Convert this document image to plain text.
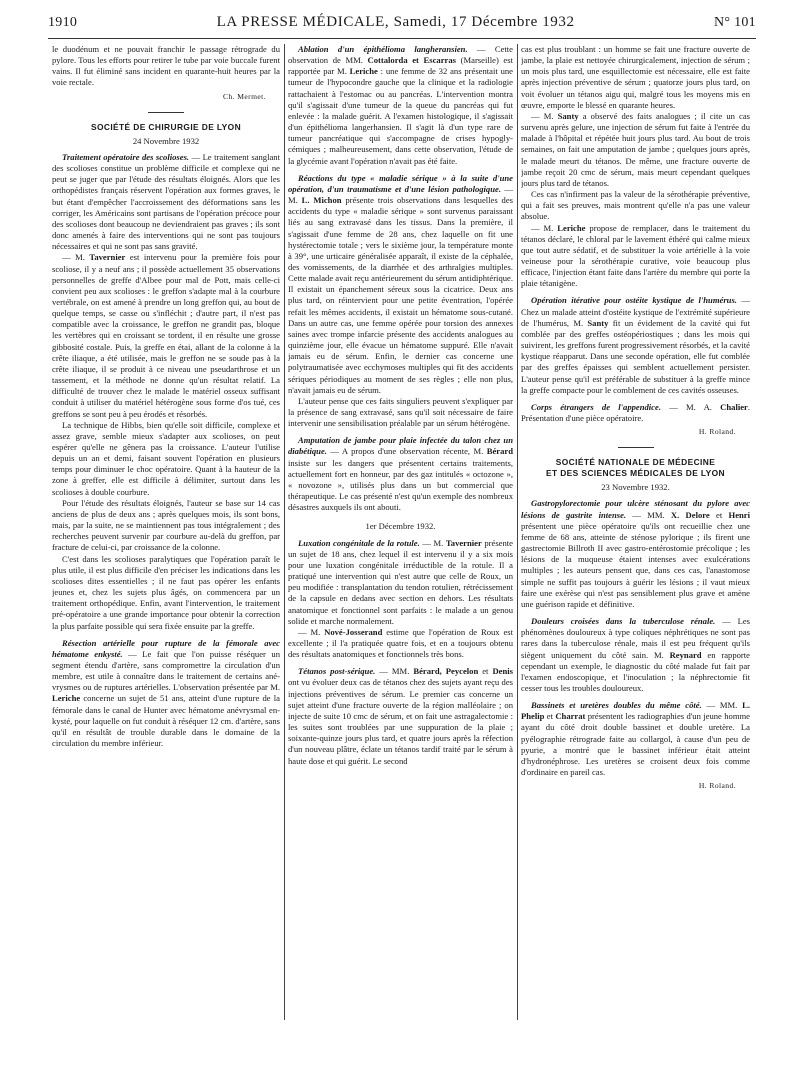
1910	LA PRESSE MÉDICALE, Samedi, 17 Décembre 1932	N° 101

le duodénum et ne pouvait franchir le passage rétrograde du pylore. Tous les efforts pour retirer le tube par voie buccale furent vains. Il fut éliminé sans incident en quarante-huit heures par la voie rectale.

Ch. Mermet.

SOCIÉTÉ DE CHIRURGIE DE LYON

24 Novembre 1932

Traitement opératoire des scolioses. — Le traitement sanglant des scolioses constitue un problème difficile et complexe qui ne peut se juger que par l'étude des résultats éloignés. Alors que les orthopédistes français réservent l'opération aux formes graves, le but étant d'empêcher l'accroissement des déformations sans les corriger, les Américains sont partisans de l'opération précoce pour des scolioses dont beaucoup ne deviendraient pas graves ; ils sont donc amenés à faire des interventions qui ne sont pas toujours nécessaires et qui ne sont pas sans gravité.

— M. Tavernier est intervenu pour la première fois pour scoliose, il y a neuf ans ; il possède actuellement 35 observations personnelles de greffe d'Albee pour mal de Pott, mais celle-ci convient peu aux scolioses : le greffon s'adapte mal à la courbure vertébrale, on est amené à prendre un long greffon qui, au bout de quelque temps, se casse ou s'infléchit ; d'autre part, il n'est pas compatible avec la croissance, le greffon ne grandit pas, bloque les vertèbres qui en croissant se tordent, il en résulte une grosse gibbosité costale. Puis, la greffe en étai, allant de la colonne à la crête iliaque, a été utilisée, mais le greffon ne se soude pas à la crête iliaque, il se produit à ce niveau une pseudarthrose et un tassement, et la méthode ne donne qu'un résultat relatif. La difficulté de trouver chez le malade le matériel osseux suffisant conduit à utiliser du matériel hétérogène sous forme d'os tué, ces greffons se sont peu à peu érodés et résorbés.

La technique de Hibbs, bien qu'elle soit difficile, complexe et assez grave, semble mieux s'adapter aux scolioses, on peut espérer qu'elle ne gênera pas la croissance. L'auteur l'utilise depuis un an et demi, faisant souvent l'opération en plusieurs temps pour diminuer le choc opératoire. Quant à la hauteur de la zone à greffer, elle est difficile à délimiter, surtout dans les scolioses à double courbure.

Pour l'étude des résultats éloignés, l'auteur se base sur 14 cas anciens de plus de deux ans ; après quelques mois, ils sont bons, mais, par la suite, ne se maintiennent pas tous intégralement ; des recherches peuvent survenir par courbure au-delà du greffon, par fracture de celui-ci, par croissance de la colonne.

C'est dans les scolioses paralytiques que l'opération paraît le plus utile, il est plus difficile d'en préciser les indications dans les scolioses dites essentielles ; il ne faut pas opérer les enfants jeunes et, chez les sujets plus âgés, on commencera par un traitement orthopédique. Enfin, avant l'intervention, le traitement pré-opératoire a une grande importance pour obtenir la correction la plus parfaite possible qui sera fixée ensuite par la greffe.

Résection artérielle pour rupture de la fémorale avec hématome enkysté. — Le fait que l'on puisse réséquer un segment étendu d'artère, sans compromettre la circulation d'un membre, est utile à connaître dans le traitement de certains anévrysmes ou de ruptures artérielles. L'observation présentée par M. Leriche concerne un sujet de 51 ans, atteint d'une rupture de la fémorale dans le canal de Hunter avec hématome anévrysmal enkysté, pour laquelle on fut conduit à réséquer 12 cm. d'artère, sans qu'il en résultât de trouble durable dans le domaine de la circulation du membre inférieur.

Ablation d'un épithélioma langheransien. — Cette observation de MM. Cottalorda et Escarras (Marseille) est rapportée par M. Leriche : une femme de 32 ans présentait une tumeur de l'hypocondre gauche que la clinique et la radiologie rattachaient à l'estomac ou au pancréas. L'intervention montra qu'il s'agissait d'une tumeur de la queue du pancréas qui fut enlevée : la malade guérit. A l'examen histologique, il s'agissait d'un épithélioma langerhansien. Il s'agit là d'un type rare de tumeur pancréatique qui s'accompagne de crises hypoglycémiques ; malheureusement, dans cette observation, l'étude de la glycémie avant l'opération n'avait pas été faite.

Réactions du type « maladie sérique » à la suite d'une opération, d'un traumatisme et d'une lésion pathologique. — M. L. Michon présente trois observations dans lesquelles des accidents du type « maladie sérique » sont survenus paraissant liés au sang extravasé dans les tissus. Dans la première, il s'agissait d'une femme de 28 ans, chez laquelle on fit une hystérectomie totale ; vers le sixième jour, la température monte à 39°, une urticaire généralisée apparaît, il existe de la céphalée, des vomissements, de la diarrhée et des arthralgies multiples. Cette malade avait reçu antérieurement du sérum antidiphtérique. Il existait un épanchement séreux sous la cicatrice. Deux ans plus tard, on réintervient pour une petite éventration, l'opérée refait les mêmes accidents, il existait un hématome sous-cutané. Dans un autre cas, une femme opérée pour torsion des annexes saines avec trompe infarcie présente des accidents analogues au quinzième jour, elle évacue un hématome suppuré. Elle n'avait jamais eu de sérum. Enfin, le dernier cas concerne une polytraumatisée avec ecchymoses multiples qui fit des accidents sériques périodiques au moment de ses règles ; elle non plus, n'avait jamais eu de sérum.

L'auteur pense que ces faits singuliers peuvent s'expliquer par la présence de sang extravasé, sans qu'il soit nécessaire de faire intervenir une sensibilisation préalable par un sérum hétérogène.

Amputation de jambe pour plaie infectée du talon chez un diabétique. — A propos d'une observation récente, M. Bérard insiste sur les dangers que présentent certains traitements, actuellement fort en honneur, par des gaz intitulés « octozone », « novozone », utilisés plus dans un but commercial que thérapeutique. Le cas présenté n'est qu'un exemple des nombreux désastres auxquels ils ont abouti.

1er Décembre 1932.

Luxation congénitale de la rotule. — M. Tavernier présente un sujet de 18 ans, chez lequel il est intervenu il y a six mois pour une luxation congénitale irréductible de la rotule. Il a pratiqué une intervention qui n'est autre que celle de Roux, un peu modifiée : transplantation du tendon rotulien, rétrécissement de la capsule en dedans avec section en dehors. Les résultats anatomique et fonctionnel sont parfaits : le malade a un genou solide et marche normalement.

— M. Nové-Josserand estime que l'opération de Roux est excellente ; il l'a pratiquée quatre fois, et en a toujours obtenu des résultats anatomiques et fonctionnels très bons.

Tétanos post-sérique. — MM. Bérard, Peycelon et Denis ont vu évoluer deux cas de tétanos chez des sujets ayant reçu des injections préventives de sérum. Le premier cas concerne un sujet atteint d'une fracture ouverte de la région malléolaire ; on injecte de suite 10 cmc de sérum, et on fait une astragalectomie : les suites sont troublées par une suppuration de la plaie ; soixante-quinze jours plus tard, et quatre jours après la réfection d'un nouveau plâtre, éclate un tétanos tardif traité par le sérum à haute dose et qui guérit. Le second

cas est plus troublant : un homme se fait une fracture ouverte de jambe, la plaie est nettoyée chirurgicalement, injection de sérum ; un mois plus tard, une esquillectomie est nécessaire, elle est faite après injection préventive de sérum ; quatorze jours plus tard, on voit évoluer un tétanos aigu qui, malgré tous les moyens mis en œuvre, emporte le blessé en quarante heures.

— M. Santy a observé des faits analogues ; il cite un cas survenu après gelure, une injection de sérum fut faite à l'entrée du malade à l'hôpital et répétée huit jours plus tard. Au bout de trois semaines, on fait une amputation de jambe ; quelques jours après, le malade meurt du tétanos. De même, une fracture ouverte de jambe reçoit 20 cmc de sérum, mais meurt cependant quelques jours plus tard de tétanos.

Ces cas n'infirment pas la valeur de la sérothérapie préventive, qui a fait ses preuves, mais montrent qu'elle n'a pas une valeur absolue.

— M. Leriche propose de remplacer, dans le traitement du tétanos déclaré, le chloral par le lavement éthéré qui calme mieux que tout autre sédatif, et de substituer la voie artérielle à la voie veineuse pour la sérothérapie curative, voie beaucoup plus efficace, l'injection étant faite dans l'artère du membre qui porte la plaie tétanigène.

Opération itérative pour ostéite kystique de l'humérus. — Chez un malade atteint d'ostéite kystique de l'extrémité supérieure de l'humérus, M. Santy fit un évidement de la cavité qui fut comblée par des greffes ostéopériostiques ; dans les mois qui suivirent, les greffons furent progressivement résorbés, et la cavité kystique réapparut. Dans une seconde opération, elle fut comblée par des greffes épaisses qui semblent actuellement persister. L'auteur pense qu'il est préférable de substituer à la greffe mince la greffe compacte pour le comblement de ces cavités osseuses.

Corps étrangers de l'appendice. — M. A. Chalier. Présentation d'une pièce opératoire.

H. Roland.

SOCIÉTÉ NATIONALE DE MÉDECINE

ET DES SCIENCES MÉDICALES DE LYON

23 Novembre 1932.

Gastropylorectomie pour ulcère sténosant du pylore avec lésions de gastrite intense. — MM. X. Delore et Henri présentent une pièce opératoire qu'ils ont recueillie chez une femme de 68 ans, atteinte de sténose pylorique ; ils firent une gastrectomie Billroth II avec gastro-entérostomie précolique ; les lésions de la muqueuse étaient intenses avec exulcérations multiples ; les auteurs pensent que, dans ces cas, l'anastomose simple ne suffit pas toujours à guérir les lésions ; il vaut mieux faire une exérèse qui n'est pas sensiblement plus grave et amène une guérison rapide et définitive.

Douleurs croisées dans la tuberculose rénale. — Les phénomènes douloureux à type coliques néphrétiques ne sont pas rares dans la tuberculose rénale, mais il est peu fréquent qu'ils siègent uniquement du côté sain. M. Reynard en rapporte cependant un exemple, le diagnostic du côté malade fut fait par l'examen endoscopique, et l'inoculation ; la néphrectomie fit cesser tous les troubles douloureux.

Bassinets et uretères doubles du même côté. — MM. L. Phelip et Charrat présentent les radiographies d'un jeune homme ayant du côté droit double bassinet et double uretère. La pyélographie rétrograde faite au collargol, à cause d'un peu de pyurie, a montré que le bassinet inférieur était atteint d'hydronéphrose. Les uretères se croisent deux fois comme d'ordinaire en pareil cas.

H. Roland.
